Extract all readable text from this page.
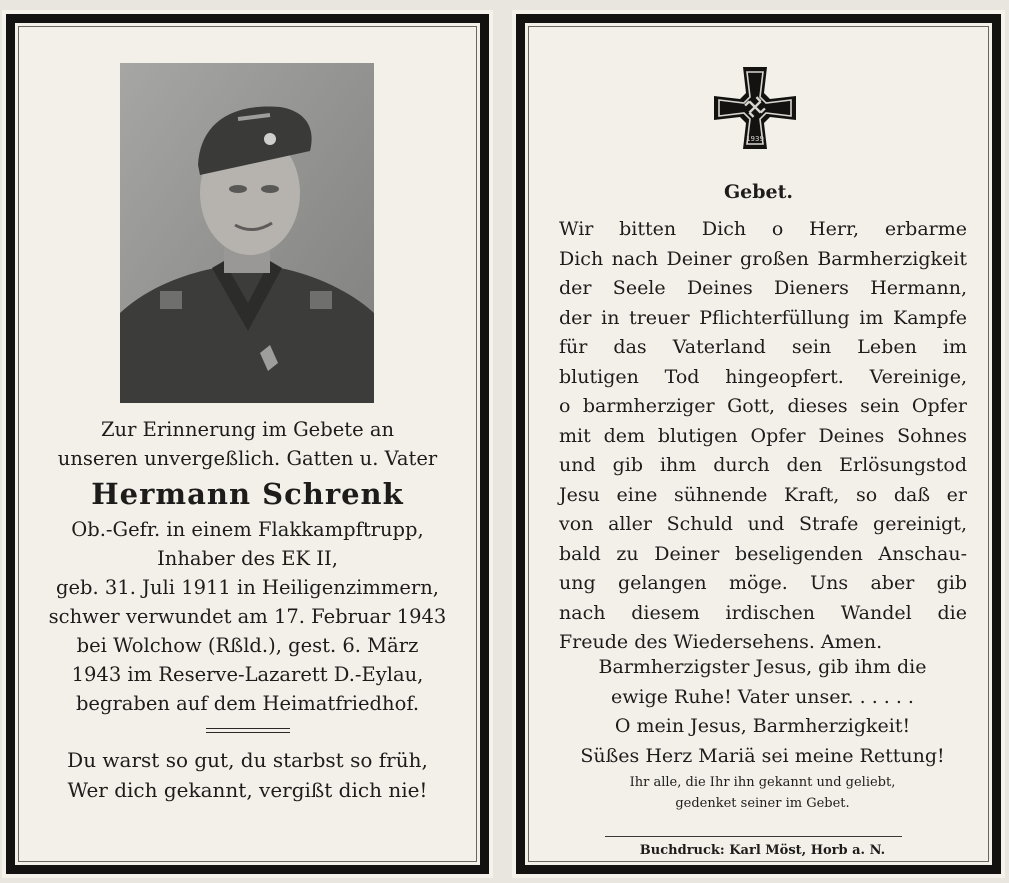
Zur Erinnerung im Gebete an
unseren unvergeßlich. Gatten u. Vater
Hermann Schrenk
Ob.-Gefr. in einem Flakkampftrupp,
Inhaber des EK II,
geb. 31. Juli 1911 in Heiligenzimmern,
schwer verwundet am 17. Februar 1943
bei Wolchow (Rßld.), gest. 6. März
1943 im Reserve-Lazarett D.-Eylau,
begraben auf dem Heimatfriedhof.
Du warst so gut, du starbst so früh,
Wer dich gekannt, vergißt dich nie!
1939
Gebet.
Wir bitten Dich o Herr, erbarme
Dich nach Deiner großen Barmherzigkeit
der Seele Deines Dieners Hermann,
der in treuer Pflichterfüllung im Kampfe
für das Vaterland sein Leben im
blutigen Tod hingeopfert. Vereinige,
o barmherziger Gott, dieses sein Opfer
mit dem blutigen Opfer Deines Sohnes
und gib ihm durch den Erlösungstod
Jesu eine sühnende Kraft, so daß er
von aller Schuld und Strafe gereinigt,
bald zu Deiner beseligenden Anschau-
ung gelangen möge. Uns aber gib
nach diesem irdischen Wandel die
Freude des Wiedersehens. Amen.
Barmherzigster Jesus, gib ihm die
ewige Ruhe! Vater unser. . . . . .
O mein Jesus, Barmherzigkeit!
Süßes Herz Mariä sei meine Rettung!
Ihr alle, die Ihr ihn gekannt und geliebt,
gedenket seiner im Gebet.
Buchdruck: Karl Möst, Horb a. N.
